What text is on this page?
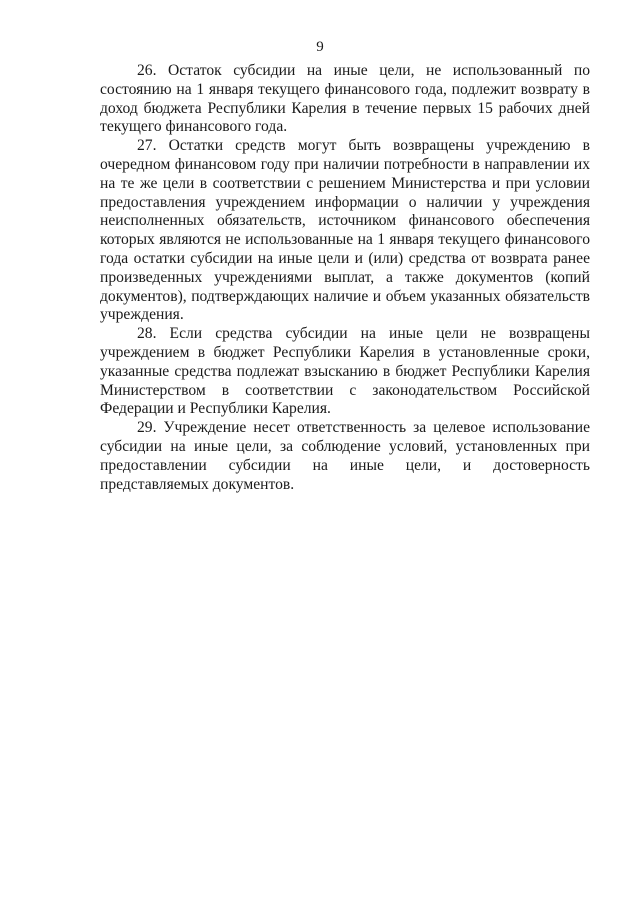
9

26. Остаток субсидии на иные цели, не использованный по состоянию на 1 января текущего финансового года, подлежит возврату в доход бюджета Республики Карелия в течение первых 15 рабочих дней текущего финансового года.

27. Остатки средств могут быть возвращены учреждению в очередном финансовом году при наличии потребности в направлении их на те же цели в соответствии с решением Министерства и при условии предоставления учреждением информации о наличии у учреждения неисполненных обязательств, источником финансового обеспечения которых являются не использованные на 1 января текущего финансового года остатки субсидии на иные цели и (или) средства от возврата ранее произведенных учреждениями выплат, а также документов (копий документов), подтверждающих наличие и объем указанных обязательств учреждения.

28. Если средства субсидии на иные цели не возвращены учреждением в бюджет Республики Карелия в установленные сроки, указанные средства подлежат взысканию в бюджет Республики Карелия Министерством в соответствии с законодательством Российской Федерации и Республики Карелия.

29. Учреждение несет ответственность за целевое использование субсидии на иные цели, за соблюдение условий, установленных при предоставлении субсидии на иные цели, и достоверность представляемых документов.
